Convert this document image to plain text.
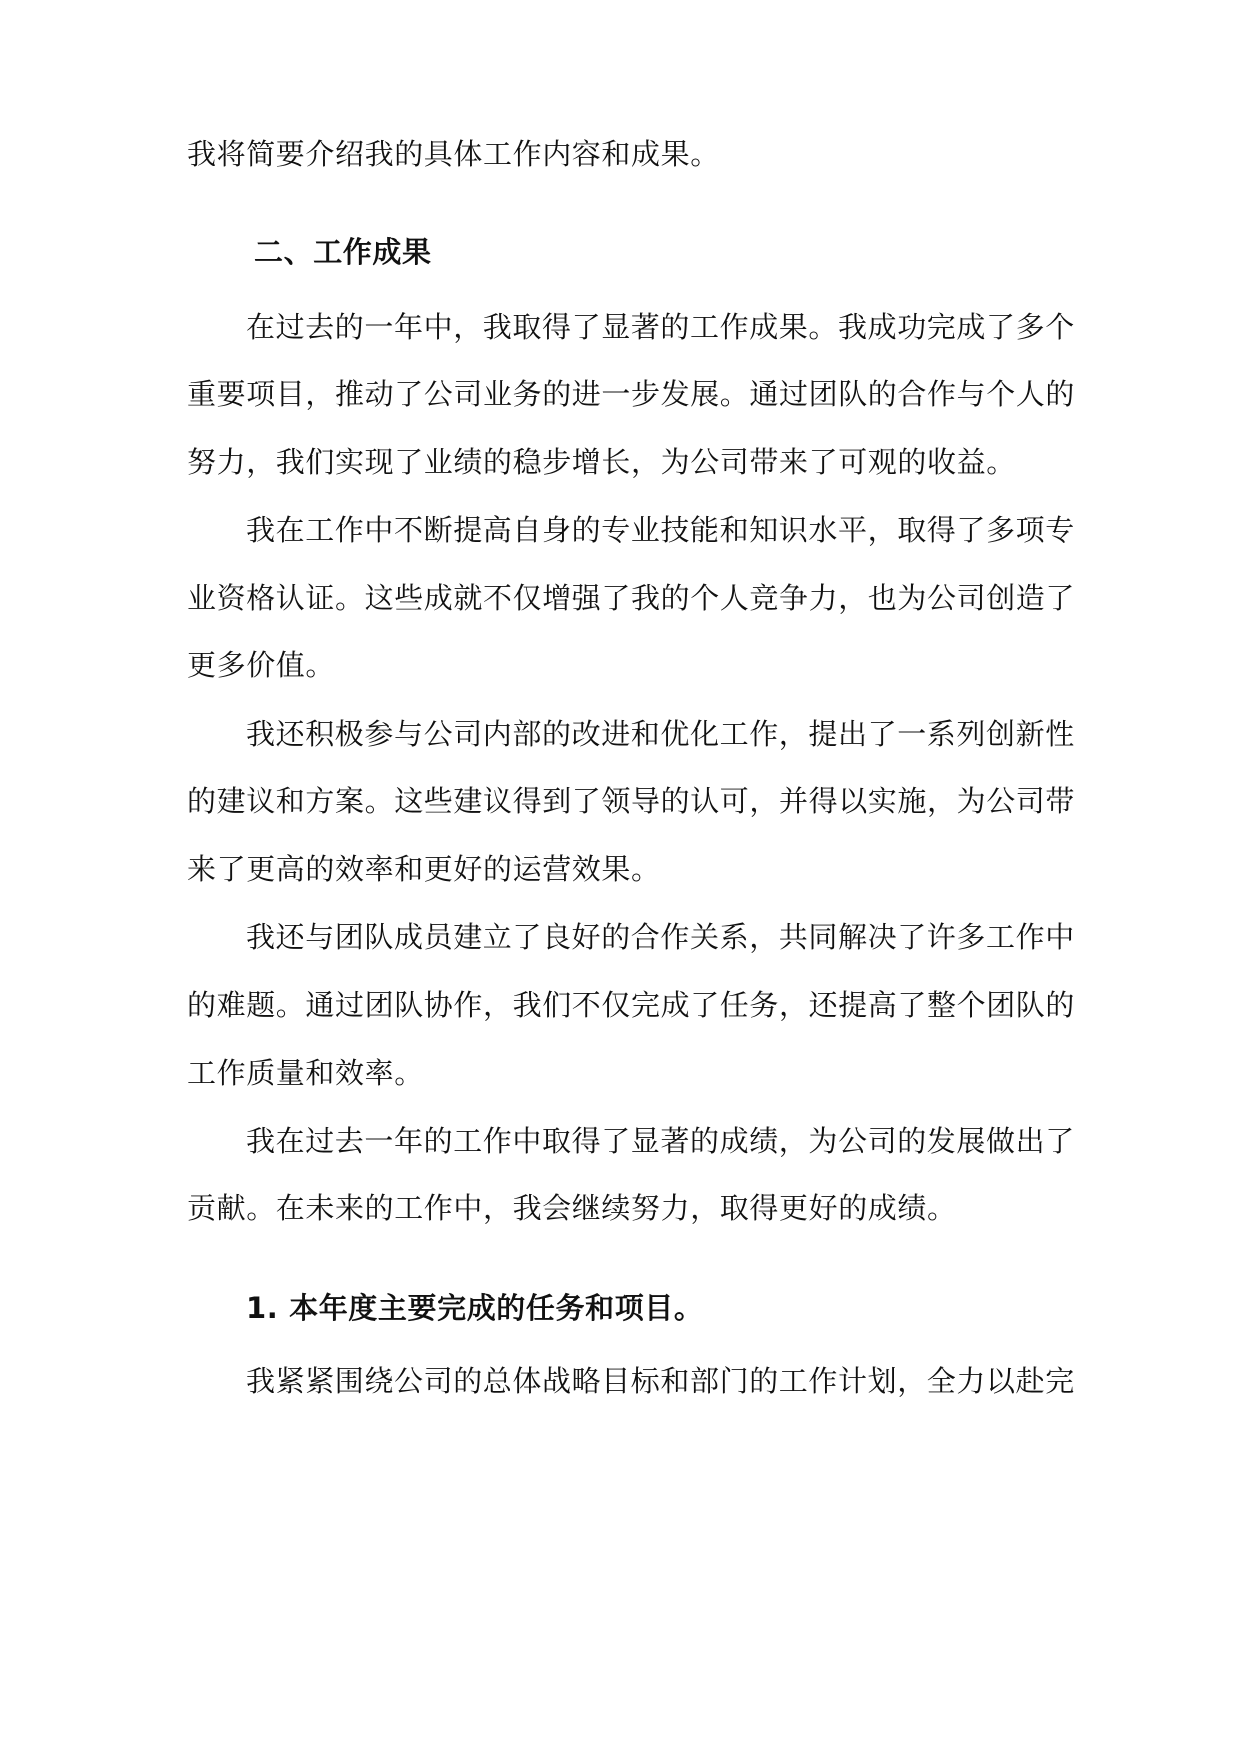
我将简要介绍我的具体工作内容和成果。
二、工作成果
在过去的一年中，我取得了显著的工作成果。我成功完成了多个
重要项目，推动了公司业务的进一步发展。通过团队的合作与个人的
努力，我们实现了业绩的稳步增长，为公司带来了可观的收益。
我在工作中不断提高自身的专业技能和知识水平，取得了多项专
业资格认证。这些成就不仅增强了我的个人竞争力，也为公司创造了
更多价值。
我还积极参与公司内部的改进和优化工作，提出了一系列创新性
的建议和方案。这些建议得到了领导的认可，并得以实施，为公司带
来了更高的效率和更好的运营效果。
我还与团队成员建立了良好的合作关系，共同解决了许多工作中
的难题。通过团队协作，我们不仅完成了任务，还提高了整个团队的
工作质量和效率。
我在过去一年的工作中取得了显著的成绩，为公司的发展做出了
贡献。在未来的工作中，我会继续努力，取得更好的成绩。
1. 本年度主要完成的任务和项目。
我紧紧围绕公司的总体战略目标和部门的工作计划，全力以赴完
